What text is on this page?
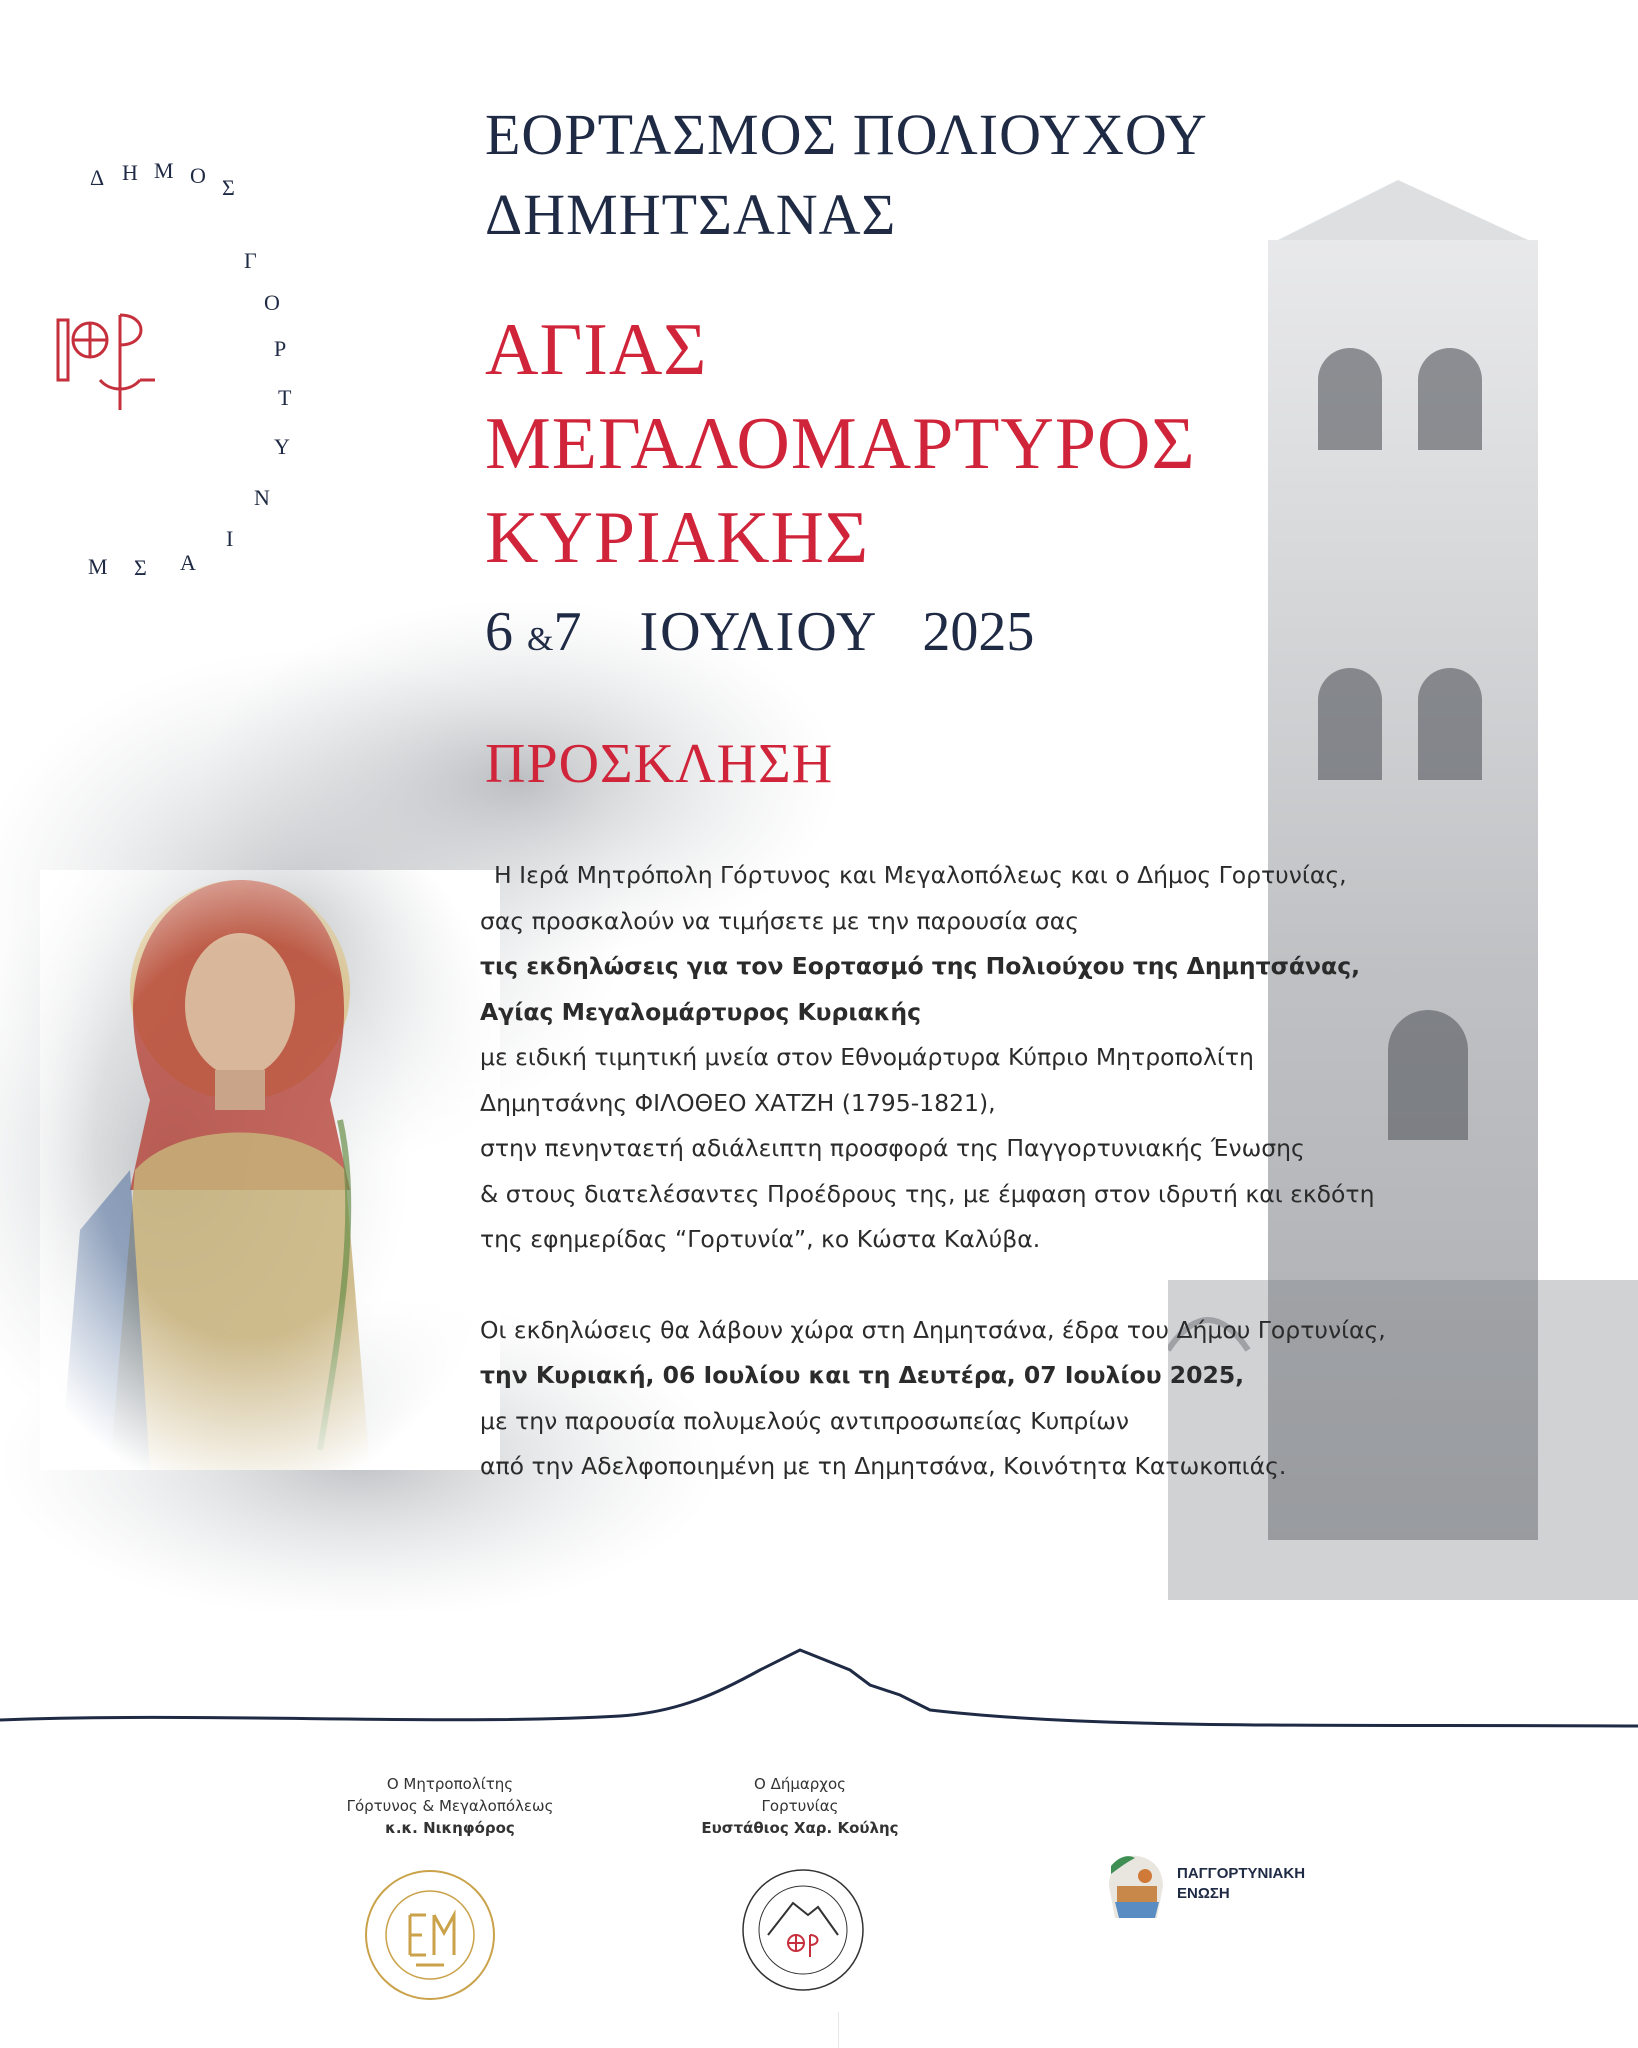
Δ Η Μ Ο Σ
Γ
Ο
Ρ
Τ
Υ
Ν
Ι
Α
Σ
Μ
ΕΟΡΤΑΣΜΟΣ ΠΟΛΙΟΥΧΟΥ
ΔΗΜΗΤΣΑΝΑΣ
ΑΓΙΑΣ
ΜΕΓΑΛΟΜΑΡΤΥΡΟΣ
ΚΥΡΙΑΚΗΣ
6 &7 ΙΟΥΛΙΟΥ 2025
ΠΡΟΣΚΛΗΣΗ
Η Ιερά Μητρόπολη Γόρτυνος και Μεγαλοπόλεως και ο Δήμος Γορτυνίας,
σας προσκαλούν να τιμήσετε με την παρουσία σας
τις εκδηλώσεις για τον Εορτασμό της Πολιούχου της Δημητσάνας,
Αγίας Μεγαλομάρτυρος Κυριακής
με ειδική τιμητική μνεία στον Εθνομάρτυρα Κύπριο Μητροπολίτη
Δημητσάνης ΦΙΛΟΘΕΟ ΧΑΤΖΗ (1795-1821),
στην πενηνταετή αδιάλειπτη προσφορά της Παγγορτυνιακής Ένωσης
& στους διατελέσαντες Προέδρους της, με έμφαση στον ιδρυτή και εκδότη
της εφημερίδας “Γορτυνία”, κο Κώστα Καλύβα.
Οι εκδηλώσεις θα λάβουν χώρα στη Δημητσάνα, έδρα του Δήμου Γορτυνίας,
την Κυριακή, 06 Ιουλίου και τη Δευτέρα, 07 Ιουλίου 2025,
με την παρουσία πολυμελούς αντιπροσωπείας Κυπρίων
από την Αδελφοποιημένη με τη Δημητσάνα, Κοινότητα Κατωκοπιάς.
Ο Μητροπολίτης
Γόρτυνος & Μεγαλοπόλεως
κ.κ. Νικηφόρος
Ο Δήμαρχος
Γορτυνίας
Ευστάθιος Χαρ. Κούλης
ΠΑΓΓΟΡΤΥΝΙΑΚΗ
ΕΝΩΣΗ
